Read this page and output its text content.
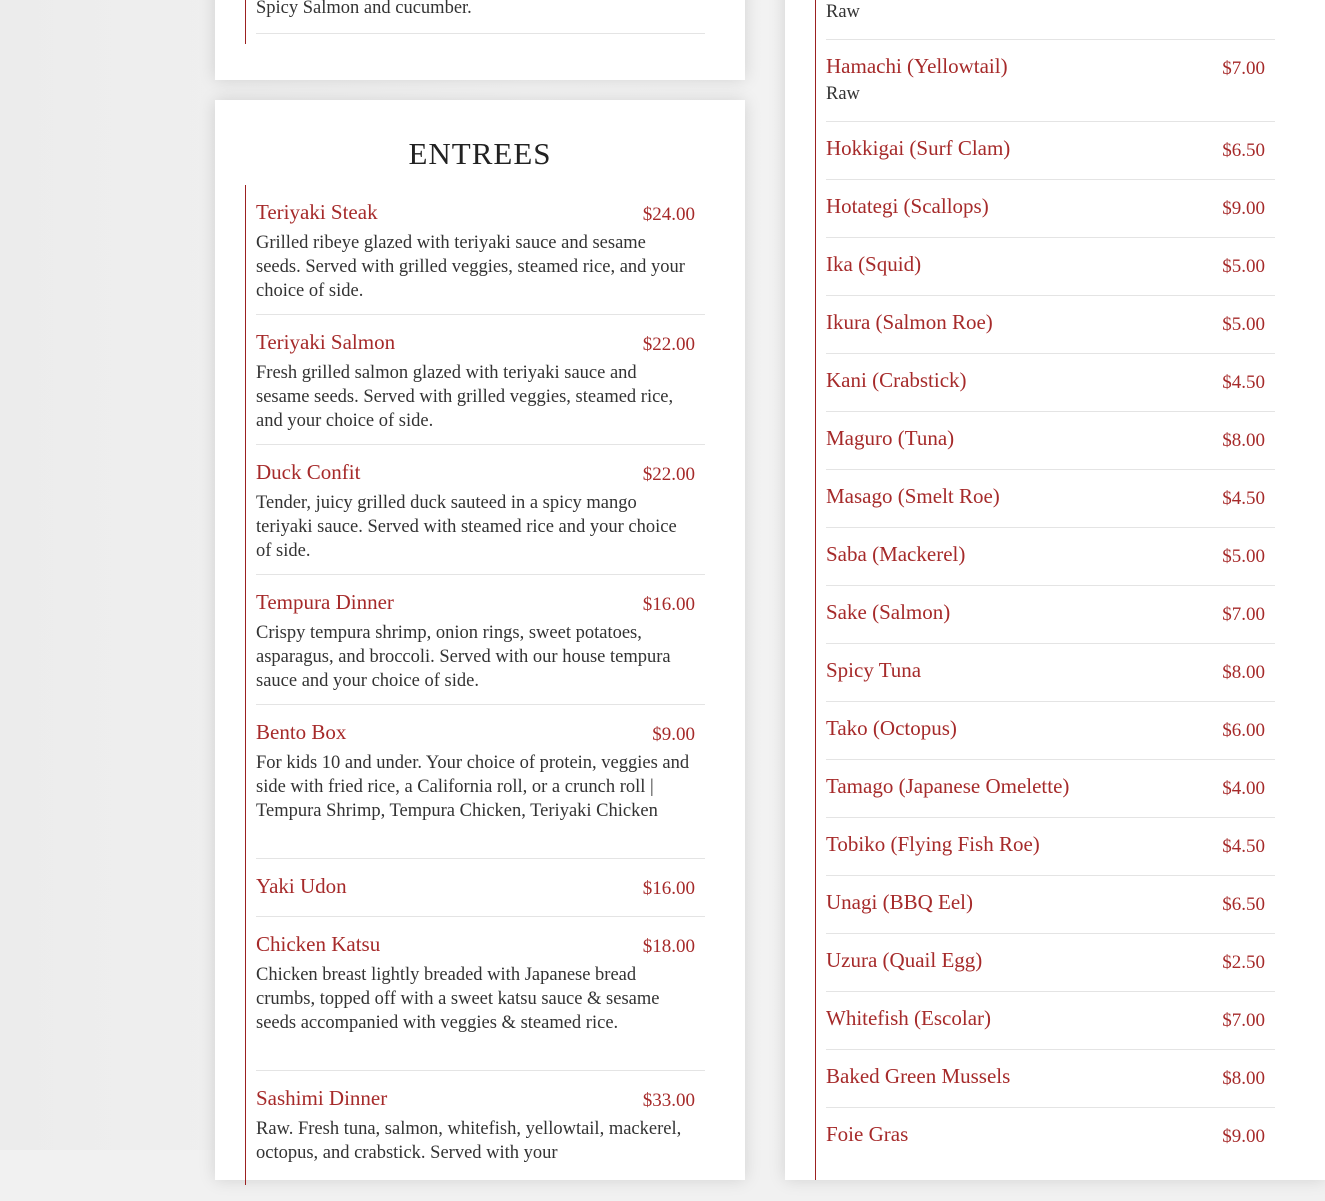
Spicy Salmon and cucumber.
ENTREES
Teriyaki Steak	$24.00
Grilled ribeye glazed with teriyaki sauce and sesame seeds. Served with grilled veggies, steamed rice, and your choice of side.
Teriyaki Salmon	$22.00
Fresh grilled salmon glazed with teriyaki sauce and sesame seeds. Served with grilled veggies, steamed rice, and your choice of side.
Duck Confit	$22.00
Tender, juicy grilled duck sauteed in a spicy mango teriyaki sauce. Served with steamed rice and your choice of side.
Tempura Dinner	$16.00
Crispy tempura shrimp, onion rings, sweet potatoes, asparagus, and broccoli. Served with our house tempura sauce and your choice of side.
Bento Box	$9.00
For kids 10 and under. Your choice of protein, veggies and side with fried rice, a California roll, or a crunch roll | Tempura Shrimp, Tempura Chicken, Teriyaki Chicken
Yaki Udon	$16.00
Chicken Katsu	$18.00
Chicken breast lightly breaded with Japanese bread crumbs, topped off with a sweet katsu sauce & sesame seeds accompanied with veggies & steamed rice.
Sashimi Dinner	$33.00
Raw. Fresh tuna, salmon, whitefish, yellowtail, mackerel, octopus, and crabstick. Served with your
Raw
Hamachi (Yellowtail)	$7.00
Raw
Hokkigai (Surf Clam)	$6.50
Hotategi (Scallops)	$9.00
Ika (Squid)	$5.00
Ikura (Salmon Roe)	$5.00
Kani (Crabstick)	$4.50
Maguro (Tuna)	$8.00
Masago (Smelt Roe)	$4.50
Saba (Mackerel)	$5.00
Sake (Salmon)	$7.00
Spicy Tuna	$8.00
Tako (Octopus)	$6.00
Tamago (Japanese Omelette)	$4.00
Tobiko (Flying Fish Roe)	$4.50
Unagi (BBQ Eel)	$6.50
Uzura (Quail Egg)	$2.50
Whitefish (Escolar)	$7.00
Baked Green Mussels	$8.00
Foie Gras	$9.00
